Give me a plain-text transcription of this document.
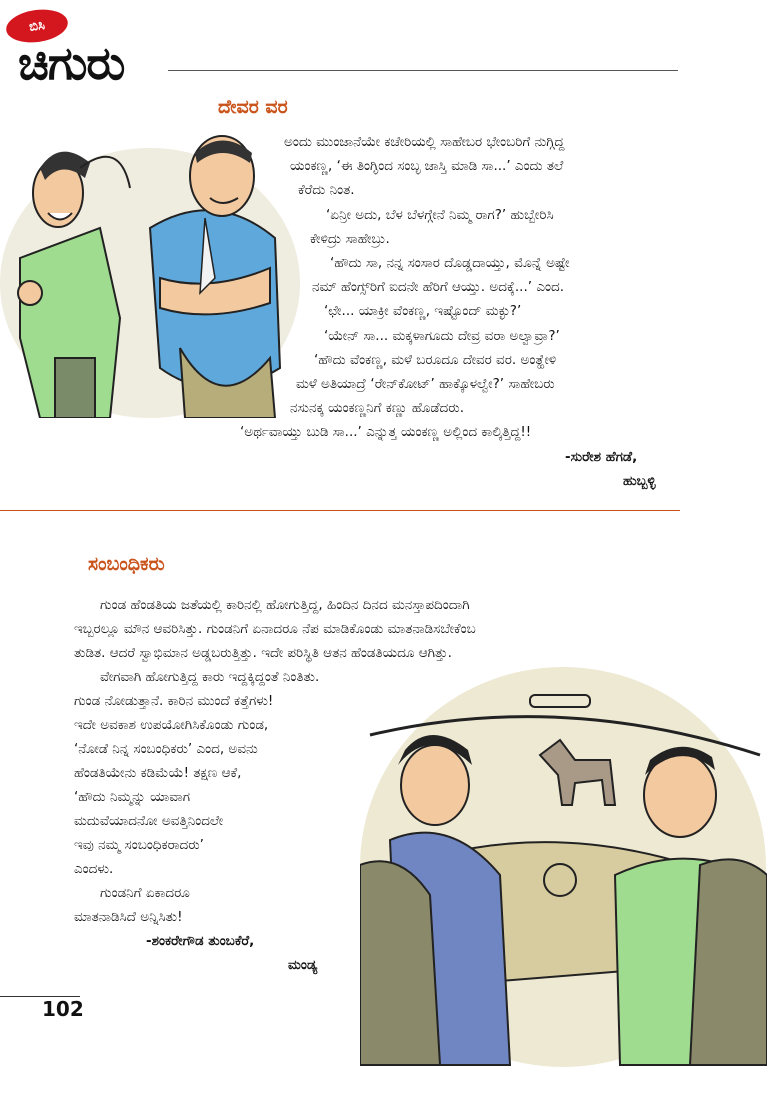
ಬಿಸಿ
ಚಿಗುರು
ದೇವರ ವರ
ಅಂದು ಮುಂಜಾನೆಯೇ ಕಚೇರಿಯಲ್ಲಿ ಸಾಹೇಬರ ಭೇಂಬರಿಗೆ ನುಗ್ಗಿದ್ದ
ಯಂಕಣ್ಣ, ‘ಈ ತಿಂಗ್ಳಿಂದ ಸಂಬ್ಳ ಜಾಸ್ತಿ ಮಾಡಿ ಸಾ...’ ಎಂದು ತಲೆ
ಕೆರೆದು ನಿಂತ.
‘ಏನ್ರೀ ಅದು, ಬೆಳ ಬೆಳಗ್ಗೇನೆ ನಿಮ್ಮ ರಾಗ?’ ಹುಬ್ಬೇರಿಸಿ
ಕೇಳಿದ್ರು ಸಾಹೇಬ್ರು.
‘ಹೌದು ಸಾ, ನನ್ನ ಸಂಸಾರ ದೊಡ್ಡದಾಯ್ತು, ಮೊನ್ನೆ ಅಷ್ಟೇ
ನಮ್ ಹೆಂಗ್ಸ್‌ರಿಗೆ ಐದನೇ ಹೆರಿಗೆ ಆಯ್ತು. ಅದಕ್ಕೆ...’ ಎಂದ.
‘ಛೇ... ಯಾಕ್ರೀ ವೆಂಕಣ್ಣ, ಇಷ್ಟೊಂದ್ ಮಕ್ಳು?’
‘ಯೇನ್ ಸಾ... ಮಕ್ಕಳಾಗೂದು ದೇವ್ರ ವರಾ ಅಲ್ವಾವ್ರಾ?’
‘ಹೌದು ವೆಂಕಣ್ಣ, ಮಳೆ ಬರೂದೂ ದೇವರ ವರ. ಅಂತ್ಹೇಳಿ
ಮಳೆ ಅತಿಯಾದ್ರೆ ‘ರೇನ್‌ಕೋಟ್’ ಹಾಕ್ಕೊಳಲ್ವೇ?’ ಸಾಹೇಬರು
ನಸುನಕ್ಕ ಯಂಕಣ್ಣನಿಗೆ ಕಣ್ಣು ಹೊಡೆದರು.
‘ಅರ್ಥವಾಯ್ತು ಬುಡಿ ಸಾ...’ ಎನ್ನುತ್ತ ಯಂಕಣ್ಣ ಅಲ್ಲಿಂದ ಕಾಲ್ಕಿತ್ತಿದ್ದ!!
-ಸುರೇಶ ಹೆಗಡೆ,
ಹುಬ್ಬಳ್ಳಿ
ಸಂಬಂಧಿಕರು
ಗುಂಡ ಹೆಂಡತಿಯ ಜತೆಯಲ್ಲಿ ಕಾರಿನಲ್ಲಿ ಹೋಗುತ್ತಿದ್ದ, ಹಿಂದಿನ ದಿನದ ಮನಸ್ತಾಪದಿಂದಾಗಿ
ಇಬ್ಬರಲ್ಲೂ ಮೌನ ಆವರಿಸಿತ್ತು. ಗುಂಡನಿಗೆ ಏನಾದರೂ ನೆಪ ಮಾಡಿಕೊಂಡು ಮಾತನಾಡಿಸಬೇಕೆಂಬ
ತುಡಿತ. ಆದರೆ ಸ್ವಾಭಿಮಾನ ಅಡ್ಡಬರುತ್ತಿತ್ತು. ಇದೇ ಪರಿಸ್ಥಿತಿ ಆತನ ಹೆಂಡತಿಯದೂ ಆಗಿತ್ತು.
ವೇಗವಾಗಿ ಹೋಗುತ್ತಿದ್ದ ಕಾರು ಇದ್ದಕ್ಕಿದ್ದಂತೆ ನಿಂತಿತು.
ಗುಂಡ ನೋಡುತ್ತಾನೆ. ಕಾರಿನ ಮುಂದೆ ಕತ್ತೆಗಳು!
ಇದೇ ಅವಕಾಶ ಉಪಯೋಗಿಸಿಕೊಂಡು ಗುಂಡ,
‘ನೋಡೆ ನಿನ್ನ ಸಂಬಂಧಿಕರು’ ಎಂದ, ಅವನು
ಹೆಂಡತಿಯೇನು ಕಡಿಮೆಯೆ! ತಕ್ಷಣ ಆಕೆ,
‘ಹೌದು ನಿಮ್ಮನ್ನು ಯಾವಾಗ
ಮದುವೆಯಾದನೋ ಅವತ್ತಿನಿಂದಲೇ
ಇವು ನಮ್ಮ ಸಂಬಂಧಿಕರಾದರು’
ಎಂದಳು.
ಗುಂಡನಿಗೆ ಏಕಾದರೂ
ಮಾತನಾಡಿಸಿದೆ ಅನ್ನಿಸಿತು!
-ಶಂಕರೇಗೌಡ ತುಂಬಕೆರೆ,
ಮಂಡ್ಯ
102
